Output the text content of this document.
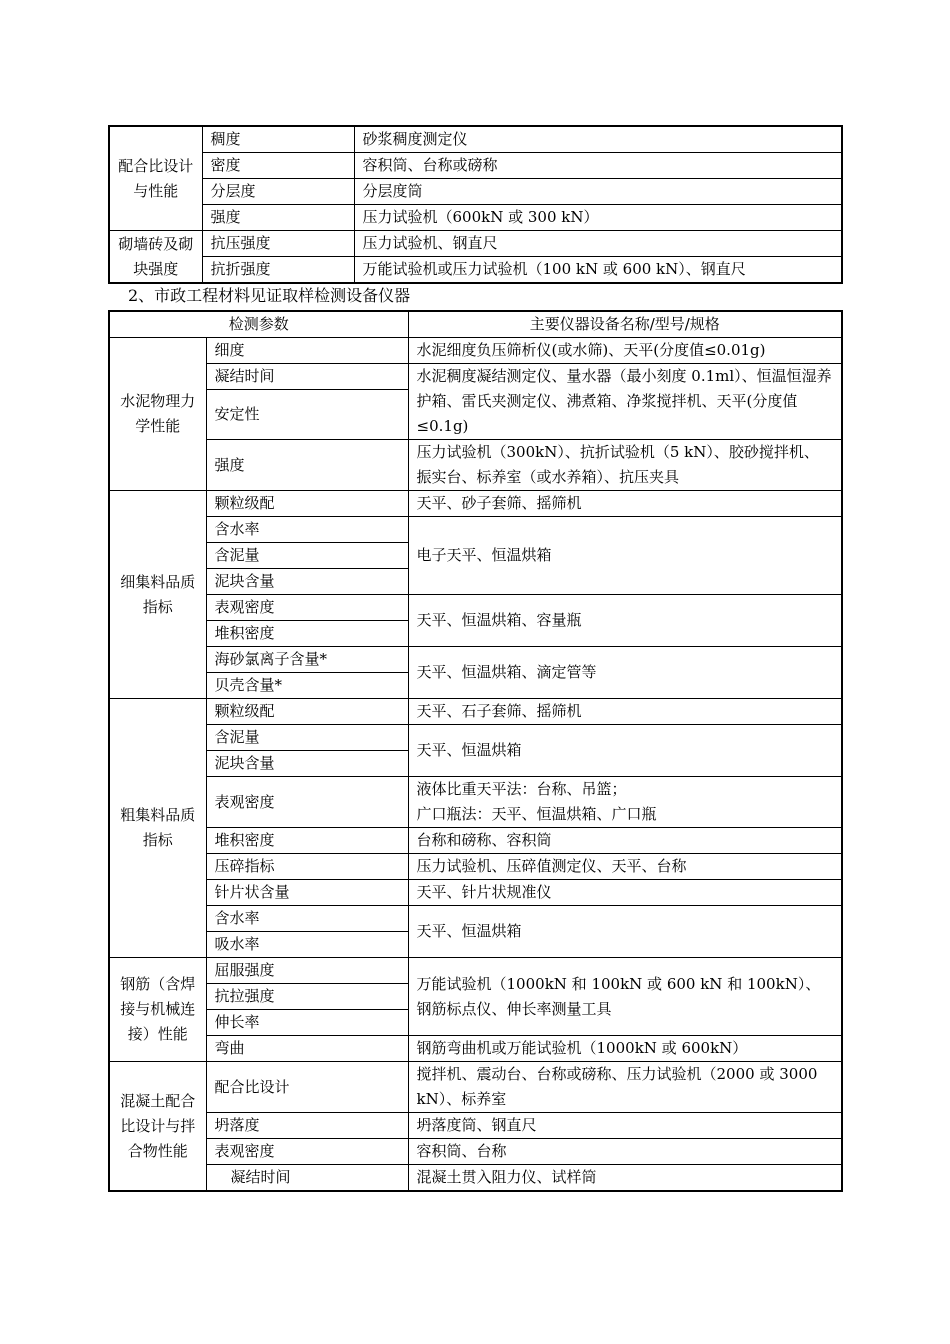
配合比设计与性能	稠度	砂浆稠度测定仪
	密度	容积筒、台称或磅称
	分层度	分层度筒
	强度	压力试验机（600kN 或 300 kN）
砌墙砖及砌块强度	抗压强度	压力试验机、钢直尺
	抗折强度	万能试验机或压力试验机（100 kN 或 600 kN）、钢直尺

2、市政工程材料见证取样检测设备仪器

检测参数		主要仪器设备名称/型号/规格
水泥物理力学性能	细度	水泥细度负压筛析仪(或水筛)、天平(分度值≤0.01g)
	凝结时间	水泥稠度凝结测定仪、量水器（最小刻度 0.1ml）、恒温恒湿养护箱、雷氏夹测定仪、沸煮箱、净浆搅拌机、天平(分度值≤0.1g)
	安定性	
	强度	压力试验机（300kN）、抗折试验机（5 kN）、胶砂搅拌机、振实台、标养室（或水养箱）、抗压夹具
细集料品质指标	颗粒级配	天平、砂子套筛、摇筛机
	含水率	电子天平、恒温烘箱
	含泥量	
	泥块含量	
	表观密度	天平、恒温烘箱、容量瓶
	堆积密度	
	海砂氯离子含量*	天平、恒温烘箱、滴定管等
	贝壳含量*	
粗集料品质指标	颗粒级配	天平、石子套筛、摇筛机
	含泥量	天平、恒温烘箱
	泥块含量	
	表观密度	液体比重天平法：台称、吊篮；
广口瓶法：天平、恒温烘箱、广口瓶

	堆积密度	台称和磅称、容积筒
	压碎指标	压力试验机、压碎值测定仪、天平、台称
	针片状含量	天平、针片状规准仪
	含水率	天平、恒温烘箱
	吸水率	
钢筋（含焊接与机械连接）性能	屈服强度	万能试验机（1000kN 和 100kN 或 600 kN 和 100kN）、钢筋标点仪、伸长率测量工具
	抗拉强度	
	伸长率	
	弯曲	钢筋弯曲机或万能试验机（1000kN 或 600kN）
混凝土配合比设计与拌合物性能	配合比设计	搅拌机、震动台、台称或磅称、压力试验机（2000 或 3000 kN）、标养室
	坍落度	坍落度筒、钢直尺
	表观密度	容积筒、台称
	凝结时间	混凝土贯入阻力仪、试样筒
